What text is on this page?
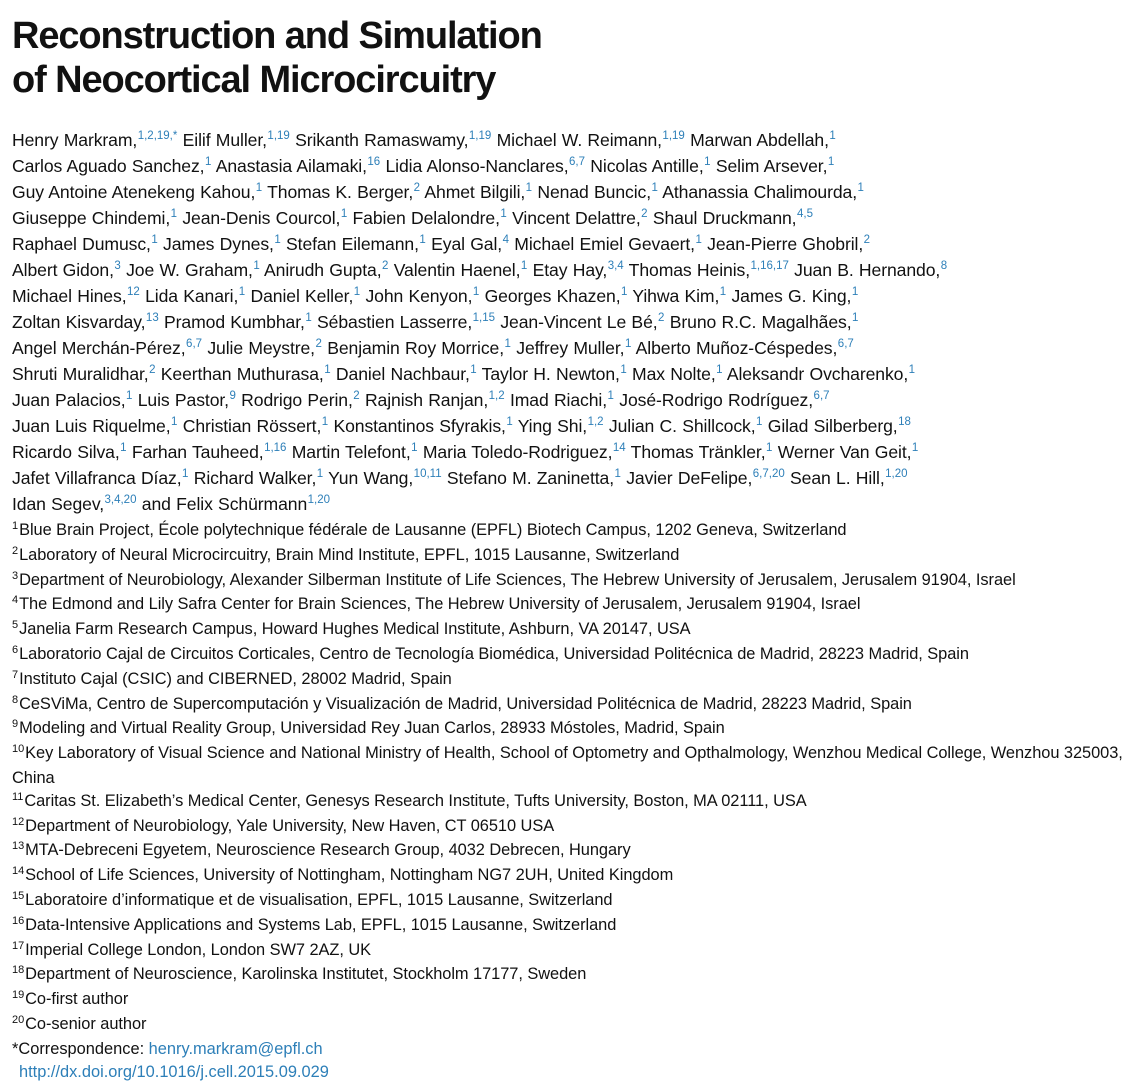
Reconstruction and Simulation
of Neocortical Microcircuitry

Henry Markram,$^{1,2,19,*}$ Eilif Muller,$^{1,19}$ Srikanth Ramaswamy,$^{1,19}$ Michael W. Reimann,$^{1,19}$ Marwan Abdellah,$^1$

Carlos Aguado Sanchez,$^1$ Anastasia Ailamaki,$^{16}$ Lidia Alonso-Nanclares,$^{6,7}$ Nicolas Antille,$^1$ Selim Arsever,$^1$

Guy Antoine Atenekeng Kahou,$^1$ Thomas K. Berger,$^2$ Ahmet Bilgili,$^1$ Nenad Buncic,$^1$ Athanassia Chalimourda,$^1$

Giuseppe Chindemi,$^1$ Jean-Denis Courcol,$^1$ Fabien Delalondre,$^1$ Vincent Delattre,$^2$ Shaul Druckmann,$^{4,5}$

Raphael Dumusc,$^1$ James Dynes,$^1$ Stefan Eilemann,$^1$ Eyal Gal,$^4$ Michael Emiel Gevaert,$^1$ Jean-Pierre Ghobril,$^2$

Albert Gidon,$^3$ Joe W. Graham,$^1$ Anirudh Gupta,$^2$ Valentin Haenel,$^1$ Etay Hay,$^{3,4}$ Thomas Heinis,$^{1,16,17}$ Juan B. Hernando,$^8$

Michael Hines,$^{12}$ Lida Kanari,$^1$ Daniel Keller,$^1$ John Kenyon,$^1$ Georges Khazen,$^1$ Yihwa Kim,$^1$ James G. King,$^1$

Zoltan Kisvarday,$^{13}$ Pramod Kumbhar,$^1$ Sébastien Lasserre,$^{1,15}$ Jean-Vincent Le Bé,$^2$ Bruno R.C. Magalhães,$^1$

Angel Merchán-Pérez,$^{6,7}$ Julie Meystre,$^2$ Benjamin Roy Morrice,$^1$ Jeffrey Muller,$^1$ Alberto Muñoz-Céspedes,$^{6,7}$

Shruti Muralidhar,$^2$ Keerthan Muthurasa,$^1$ Daniel Nachbaur,$^1$ Taylor H. Newton,$^1$ Max Nolte,$^1$ Aleksandr Ovcharenko,$^1$

Juan Palacios,$^1$ Luis Pastor,$^9$ Rodrigo Perin,$^2$ Rajnish Ranjan,$^{1,2}$ Imad Riachi,$^1$ José-Rodrigo Rodríguez,$^{6,7}$

Juan Luis Riquelme,$^1$ Christian Rössert,$^1$ Konstantinos Sfyrakis,$^1$ Ying Shi,$^{1,2}$ Julian C. Shillcock,$^1$ Gilad Silberberg,$^{18}$

Ricardo Silva,$^1$ Farhan Tauheed,$^{1,16}$ Martin Telefont,$^1$ Maria Toledo-Rodriguez,$^{14}$ Thomas Tränkler,$^1$ Werner Van Geit,$^1$

Jafet Villafranca Díaz,$^1$ Richard Walker,$^1$ Yun Wang,$^{10,11}$ Stefano M. Zaninetta,$^1$ Javier DeFelipe,$^{6,7,20}$ Sean L. Hill,$^{1,20}$

Idan Segev,$^{3,4,20}$ and Felix Schürmann$^{1,20}$

$^1$Blue Brain Project, École polytechnique fédérale de Lausanne (EPFL) Biotech Campus, 1202 Geneva, Switzerland

$^2$Laboratory of Neural Microcircuitry, Brain Mind Institute, EPFL, 1015 Lausanne, Switzerland

$^3$Department of Neurobiology, Alexander Silberman Institute of Life Sciences, The Hebrew University of Jerusalem, Jerusalem 91904, Israel

$^4$The Edmond and Lily Safra Center for Brain Sciences, The Hebrew University of Jerusalem, Jerusalem 91904, Israel

$^5$Janelia Farm Research Campus, Howard Hughes Medical Institute, Ashburn, VA 20147, USA

$^6$Laboratorio Cajal de Circuitos Corticales, Centro de Tecnología Biomédica, Universidad Politécnica de Madrid, 28223 Madrid, Spain

$^7$Instituto Cajal (CSIC) and CIBERNED, 28002 Madrid, Spain

$^8$CeSViMa, Centro de Supercomputación y Visualización de Madrid, Universidad Politécnica de Madrid, 28223 Madrid, Spain

$^9$Modeling and Virtual Reality Group, Universidad Rey Juan Carlos, 28933 Móstoles, Madrid, Spain

$^{10}$Key Laboratory of Visual Science and National Ministry of Health, School of Optometry and Opthalmology, Wenzhou Medical College, Wenzhou 325003, China

$^{11}$Caritas St. Elizabeth’s Medical Center, Genesys Research Institute, Tufts University, Boston, MA 02111, USA

$^{12}$Department of Neurobiology, Yale University, New Haven, CT 06510 USA

$^{13}$MTA-Debreceni Egyetem, Neuroscience Research Group, 4032 Debrecen, Hungary

$^{14}$School of Life Sciences, University of Nottingham, Nottingham NG7 2UH, United Kingdom

$^{15}$Laboratoire d’informatique et de visualisation, EPFL, 1015 Lausanne, Switzerland

$^{16}$Data-Intensive Applications and Systems Lab, EPFL, 1015 Lausanne, Switzerland

$^{17}$Imperial College London, London SW7 2AZ, UK

$^{18}$Department of Neuroscience, Karolinska Institutet, Stockholm 17177, Sweden

$^{19}$Co-first author

$^{20}$Co-senior author

*Correspondence: henry.markram@epfl.ch

http://dx.doi.org/10.1016/j.cell.2015.09.029
